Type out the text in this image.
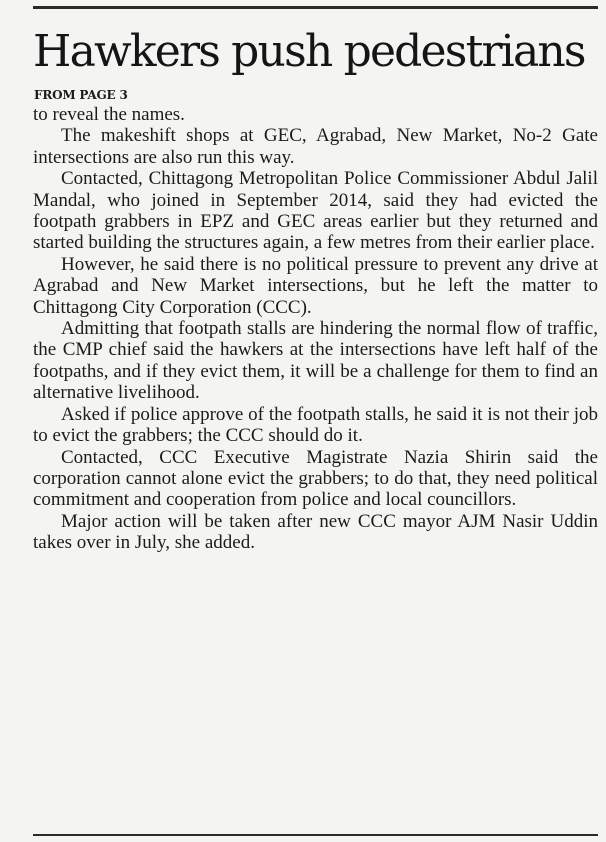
Hawkers push pedestrians
FROM PAGE 3

to reveal the names.

The makeshift shops at GEC, Agrabad, New Market, No-2 Gate intersections are also run this way.

Contacted, Chittagong Metropolitan Police Commissioner Abdul Jalil Mandal, who joined in September 2014, said they had evicted the footpath grabbers in EPZ and GEC areas earlier but they returned and started building the structures again, a few metres from their earlier place.

However, he said there is no political pressure to prevent any drive at Agrabad and New Market intersections, but he left the matter to Chittagong City Corporation (CCC).

Admitting that footpath stalls are hindering the normal flow of traffic, the CMP chief said the hawkers at the intersections have left half of the footpaths, and if they evict them, it will be a challenge for them to find an alternative livelihood.

Asked if police approve of the footpath stalls, he said it is not their job to evict the grabbers; the CCC should do it.

Contacted, CCC Executive Magistrate Nazia Shirin said the corporation cannot alone evict the grabbers; to do that, they need political commitment and cooperation from police and local councillors.

Major action will be taken after new CCC mayor AJM Nasir Uddin takes over in July, she added.
